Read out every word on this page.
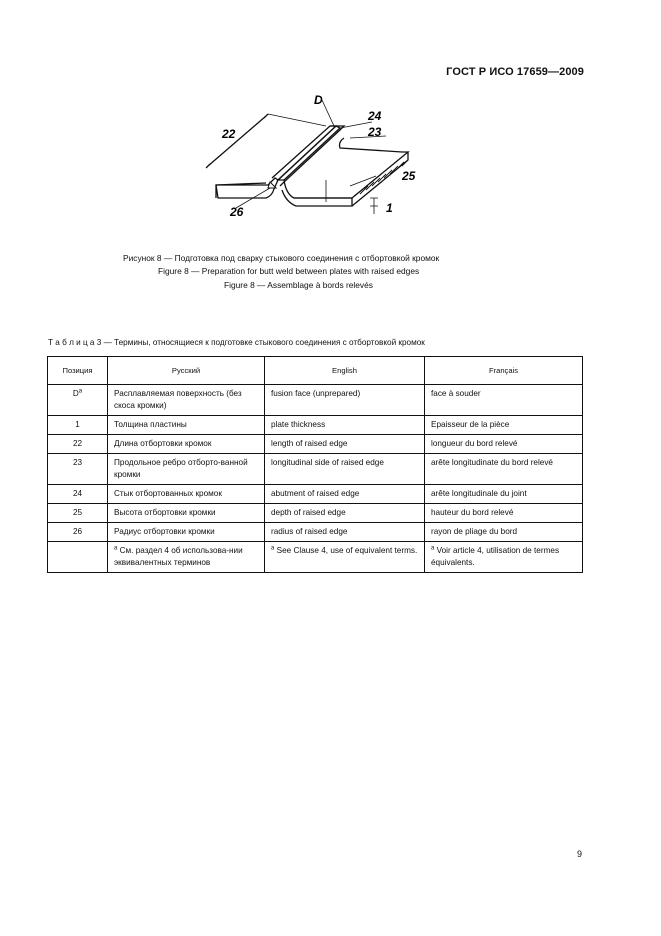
ГОСТ Р ИСО 17659—2009
D
24
23
22
25
26	1
Рисунок 8 — Подготовка под сварку стыкового соединения с отбортовкой кромок
Figure 8 — Preparation for butt weld between plates with raised edges
Figure 8 — Assemblage à bords relevés
Т а б л и ц а 3 — Термины, относящиеся к подготовке стыкового соединения с отбортовкой кромок
Позиция	Русский	English	Français
$D^a$	Расплавляемая поверхность (без скоса кромки)	fusion face (unprepared)	face à souder
1	Толщина пластины	plate thickness	Epaisseur de la pièce
22	Длина отбортовки кромок	length of raised edge	longueur du bord relevé
23	Продольное ребро отборто-ванной кромки	longitudinal side of raised edge	arête longitudinate du bord relevé
24	Стык отбортованных кромок	abutment of raised edge	arête longitudinale du joint
25	Высота отбортовки кромки	depth of raised edge	hauteur du bord relevé
26	Радиус отбортовки кромки	radius of raised edge	rayon de pliage du bord
	$^a$ См. раздел 4 об использова-нии эквивалентных терминов	$^a$ See Clause 4, use of equivalent terms.	$^a$ Voir article 4, utilisation de termes équivalents.
9
